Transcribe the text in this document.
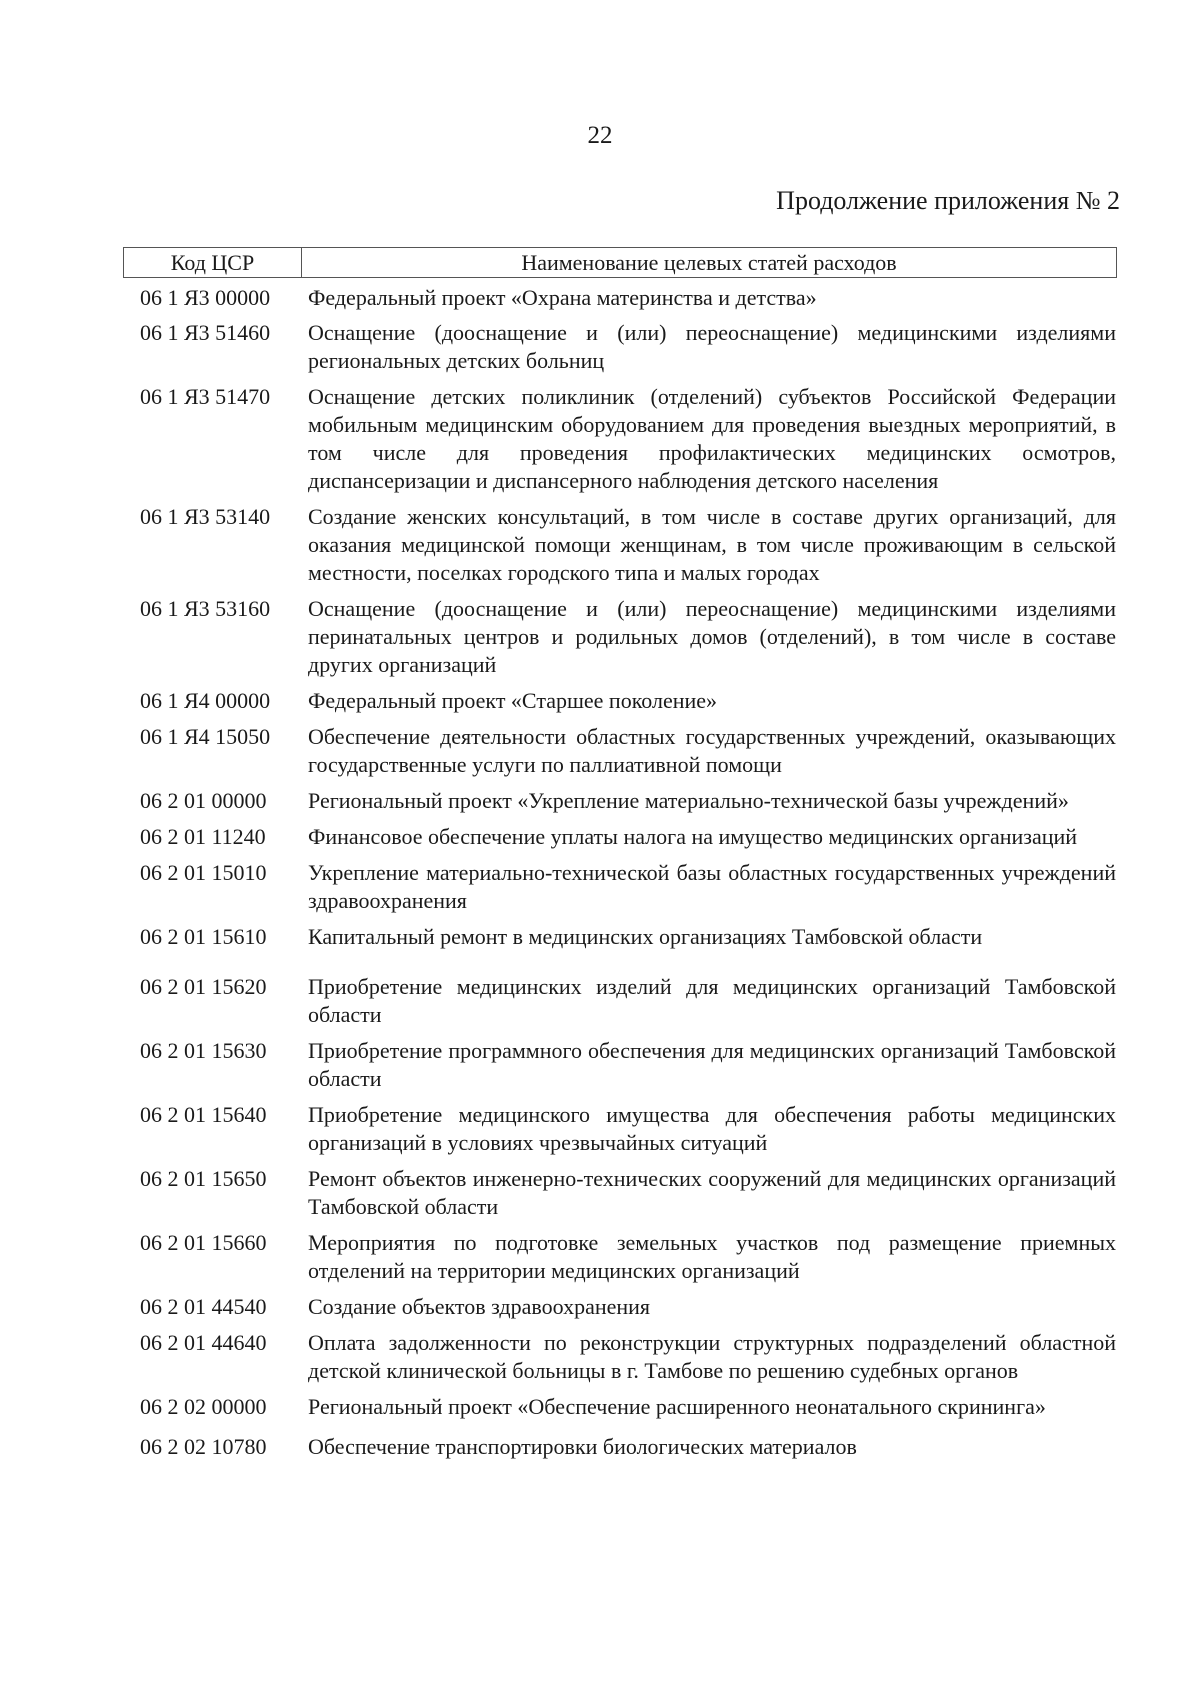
22
Продолжение приложения № 2
Код ЦСР	Наименование целевых статей расходов
06 1 Я3 00000	Федеральный проект «Охрана материнства и детства»
06 1 Я3 51460	Оснащение (дооснащение и (или) переоснащение) медицинскими изделиями региональных детских больниц
06 1 Я3 51470	Оснащение детских поликлиник (отделений) субъектов Российской Федерации мобильным медицинским оборудованием для проведения выездных мероприятий, в том числе для проведения профилактических медицинских осмотров, диспансеризации и диспансерного наблюдения детского населения
06 1 Я3 53140	Создание женских консультаций, в том числе в составе других организаций, для оказания медицинской помощи женщинам, в том числе проживающим в сельской местности, поселках городского типа и малых городах
06 1 Я3 53160	Оснащение (дооснащение и (или) переоснащение) медицинскими изделиями перинатальных центров и родильных домов (отделений), в том числе в составе других организаций
06 1 Я4 00000	Федеральный проект «Старшее поколение»
06 1 Я4 15050	Обеспечение деятельности областных государственных учреждений, оказывающих государственные услуги по паллиативной помощи
06 2 01 00000	Региональный проект «Укрепление материально-технической базы учреждений»
06 2 01 11240	Финансовое обеспечение уплаты налога на имущество медицинских организаций
06 2 01 15010	Укрепление материально-технической базы областных государственных учреждений здравоохранения
06 2 01 15610	Капитальный ремонт в медицинских организациях Тамбовской области
06 2 01 15620	Приобретение медицинских изделий для медицинских организаций Тамбовской области
06 2 01 15630	Приобретение программного обеспечения для медицинских организаций Тамбовской области
06 2 01 15640	Приобретение медицинского имущества для обеспечения работы медицинских организаций в условиях чрезвычайных ситуаций
06 2 01 15650	Ремонт объектов инженерно-технических сооружений для медицинских организаций Тамбовской области
06 2 01 15660	Мероприятия по подготовке земельных участков под размещение приемных отделений на территории медицинских организаций
06 2 01 44540	Создание объектов здравоохранения
06 2 01 44640	Оплата задолженности по реконструкции структурных подразделений областной детской клинической больницы в г. Тамбове по решению судебных органов
06 2 02 00000	Региональный проект «Обеспечение расширенного неонатального скрининга»
06 2 02 10780	Обеспечение транспортировки биологических материалов
